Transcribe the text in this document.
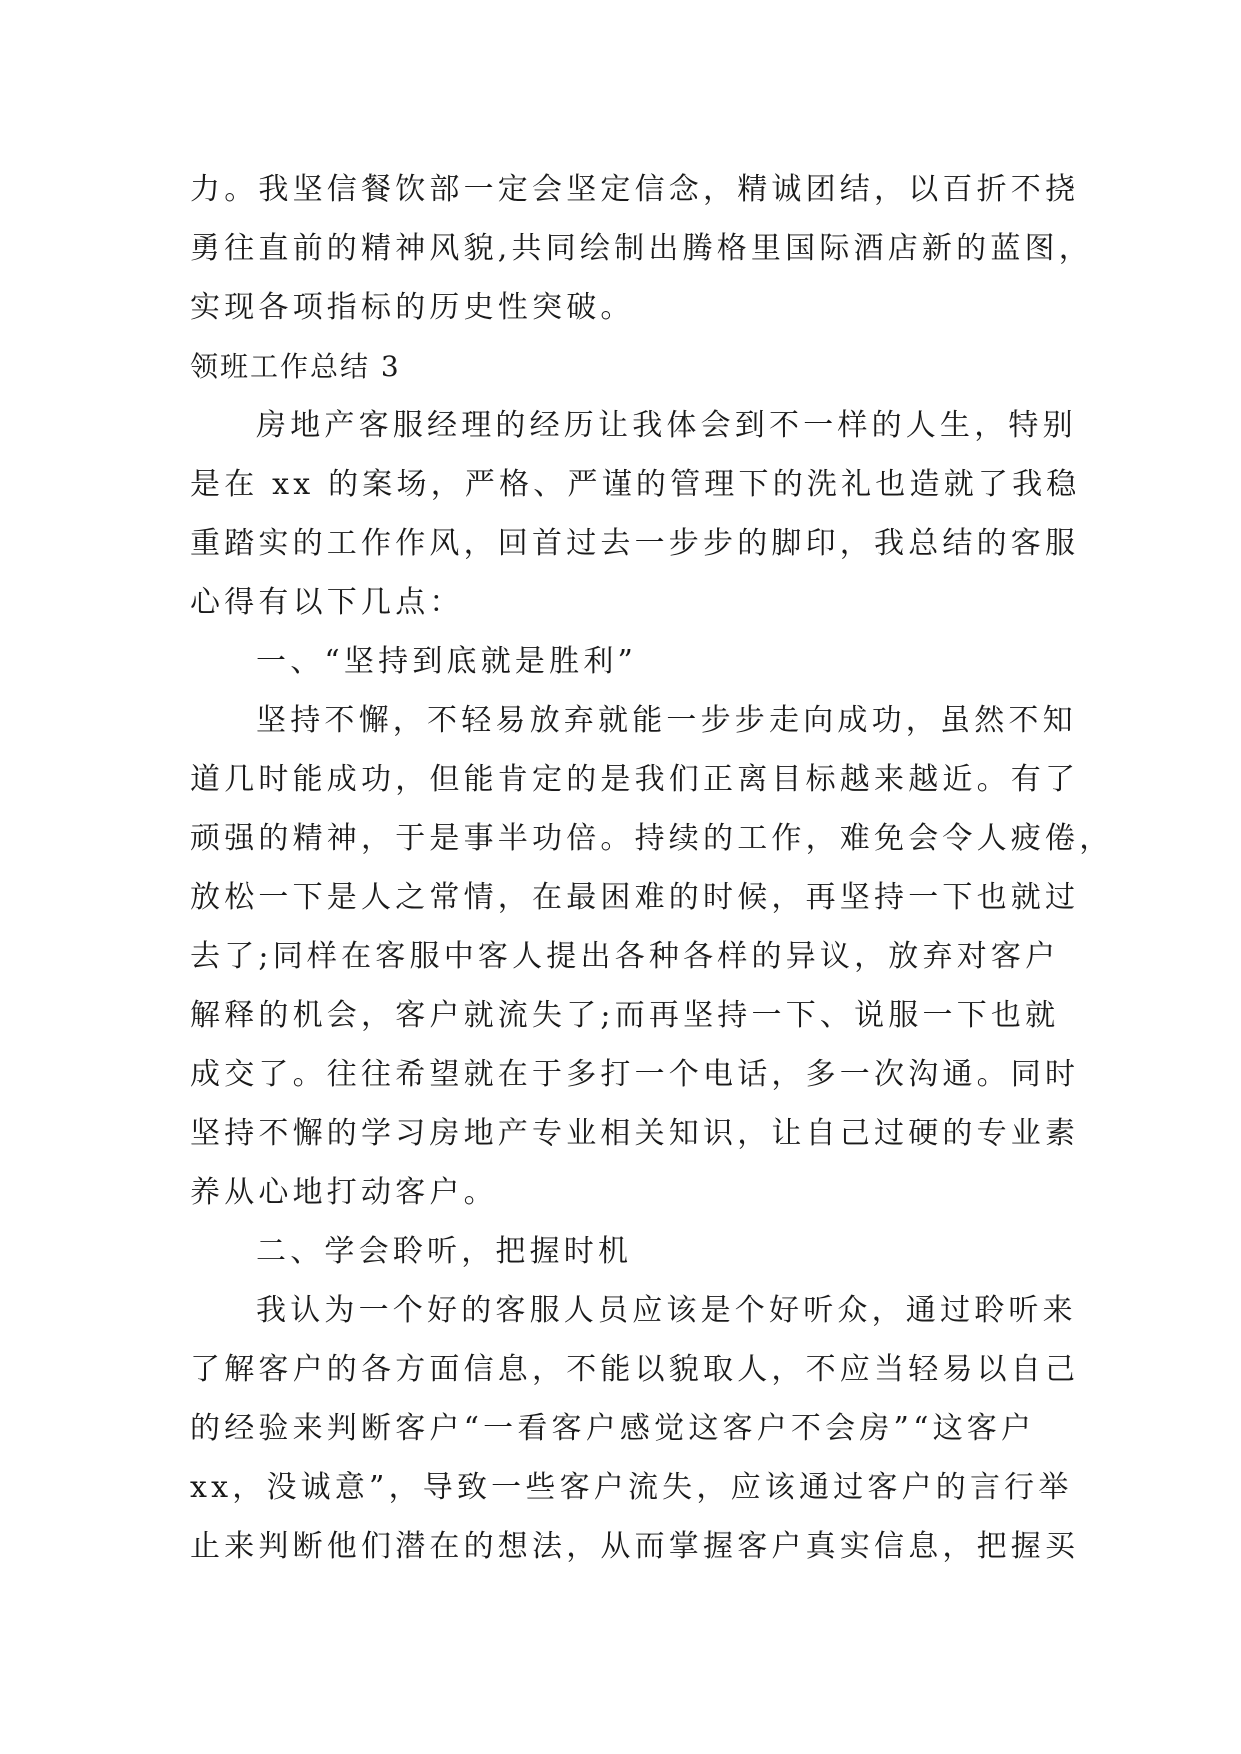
力。我坚信餐饮部一定会坚定信念，精诚团结，以百折不挠
勇往直前的精神风貌,共同绘制出腾格里国际酒店新的蓝图，
实现各项指标的历史性突破。
领班工作总结 3
房地产客服经理的经历让我体会到不一样的人生，特别
是在 xx 的案场，严格、严谨的管理下的洗礼也造就了我稳
重踏实的工作作风，回首过去一步步的脚印，我总结的客服
心得有以下几点：
一、“坚持到底就是胜利”
坚持不懈，不轻易放弃就能一步步走向成功，虽然不知
道几时能成功，但能肯定的是我们正离目标越来越近。有了
顽强的精神，于是事半功倍。持续的工作，难免会令人疲倦，
放松一下是人之常情，在最困难的时候，再坚持一下也就过
去了;同样在客服中客人提出各种各样的异议，放弃对客户
解释的机会，客户就流失了;而再坚持一下、说服一下也就
成交了。往往希望就在于多打一个电话，多一次沟通。同时
坚持不懈的学习房地产专业相关知识，让自己过硬的专业素
养从心地打动客户。
二、学会聆听，把握时机
我认为一个好的客服人员应该是个好听众，通过聆听来
了解客户的各方面信息，不能以貌取人，不应当轻易以自己
的经验来判断客户“一看客户感觉这客户不会房”“这客户
xx，没诚意”，导致一些客户流失，应该通过客户的言行举
止来判断他们潜在的想法，从而掌握客户真实信息，把握买
